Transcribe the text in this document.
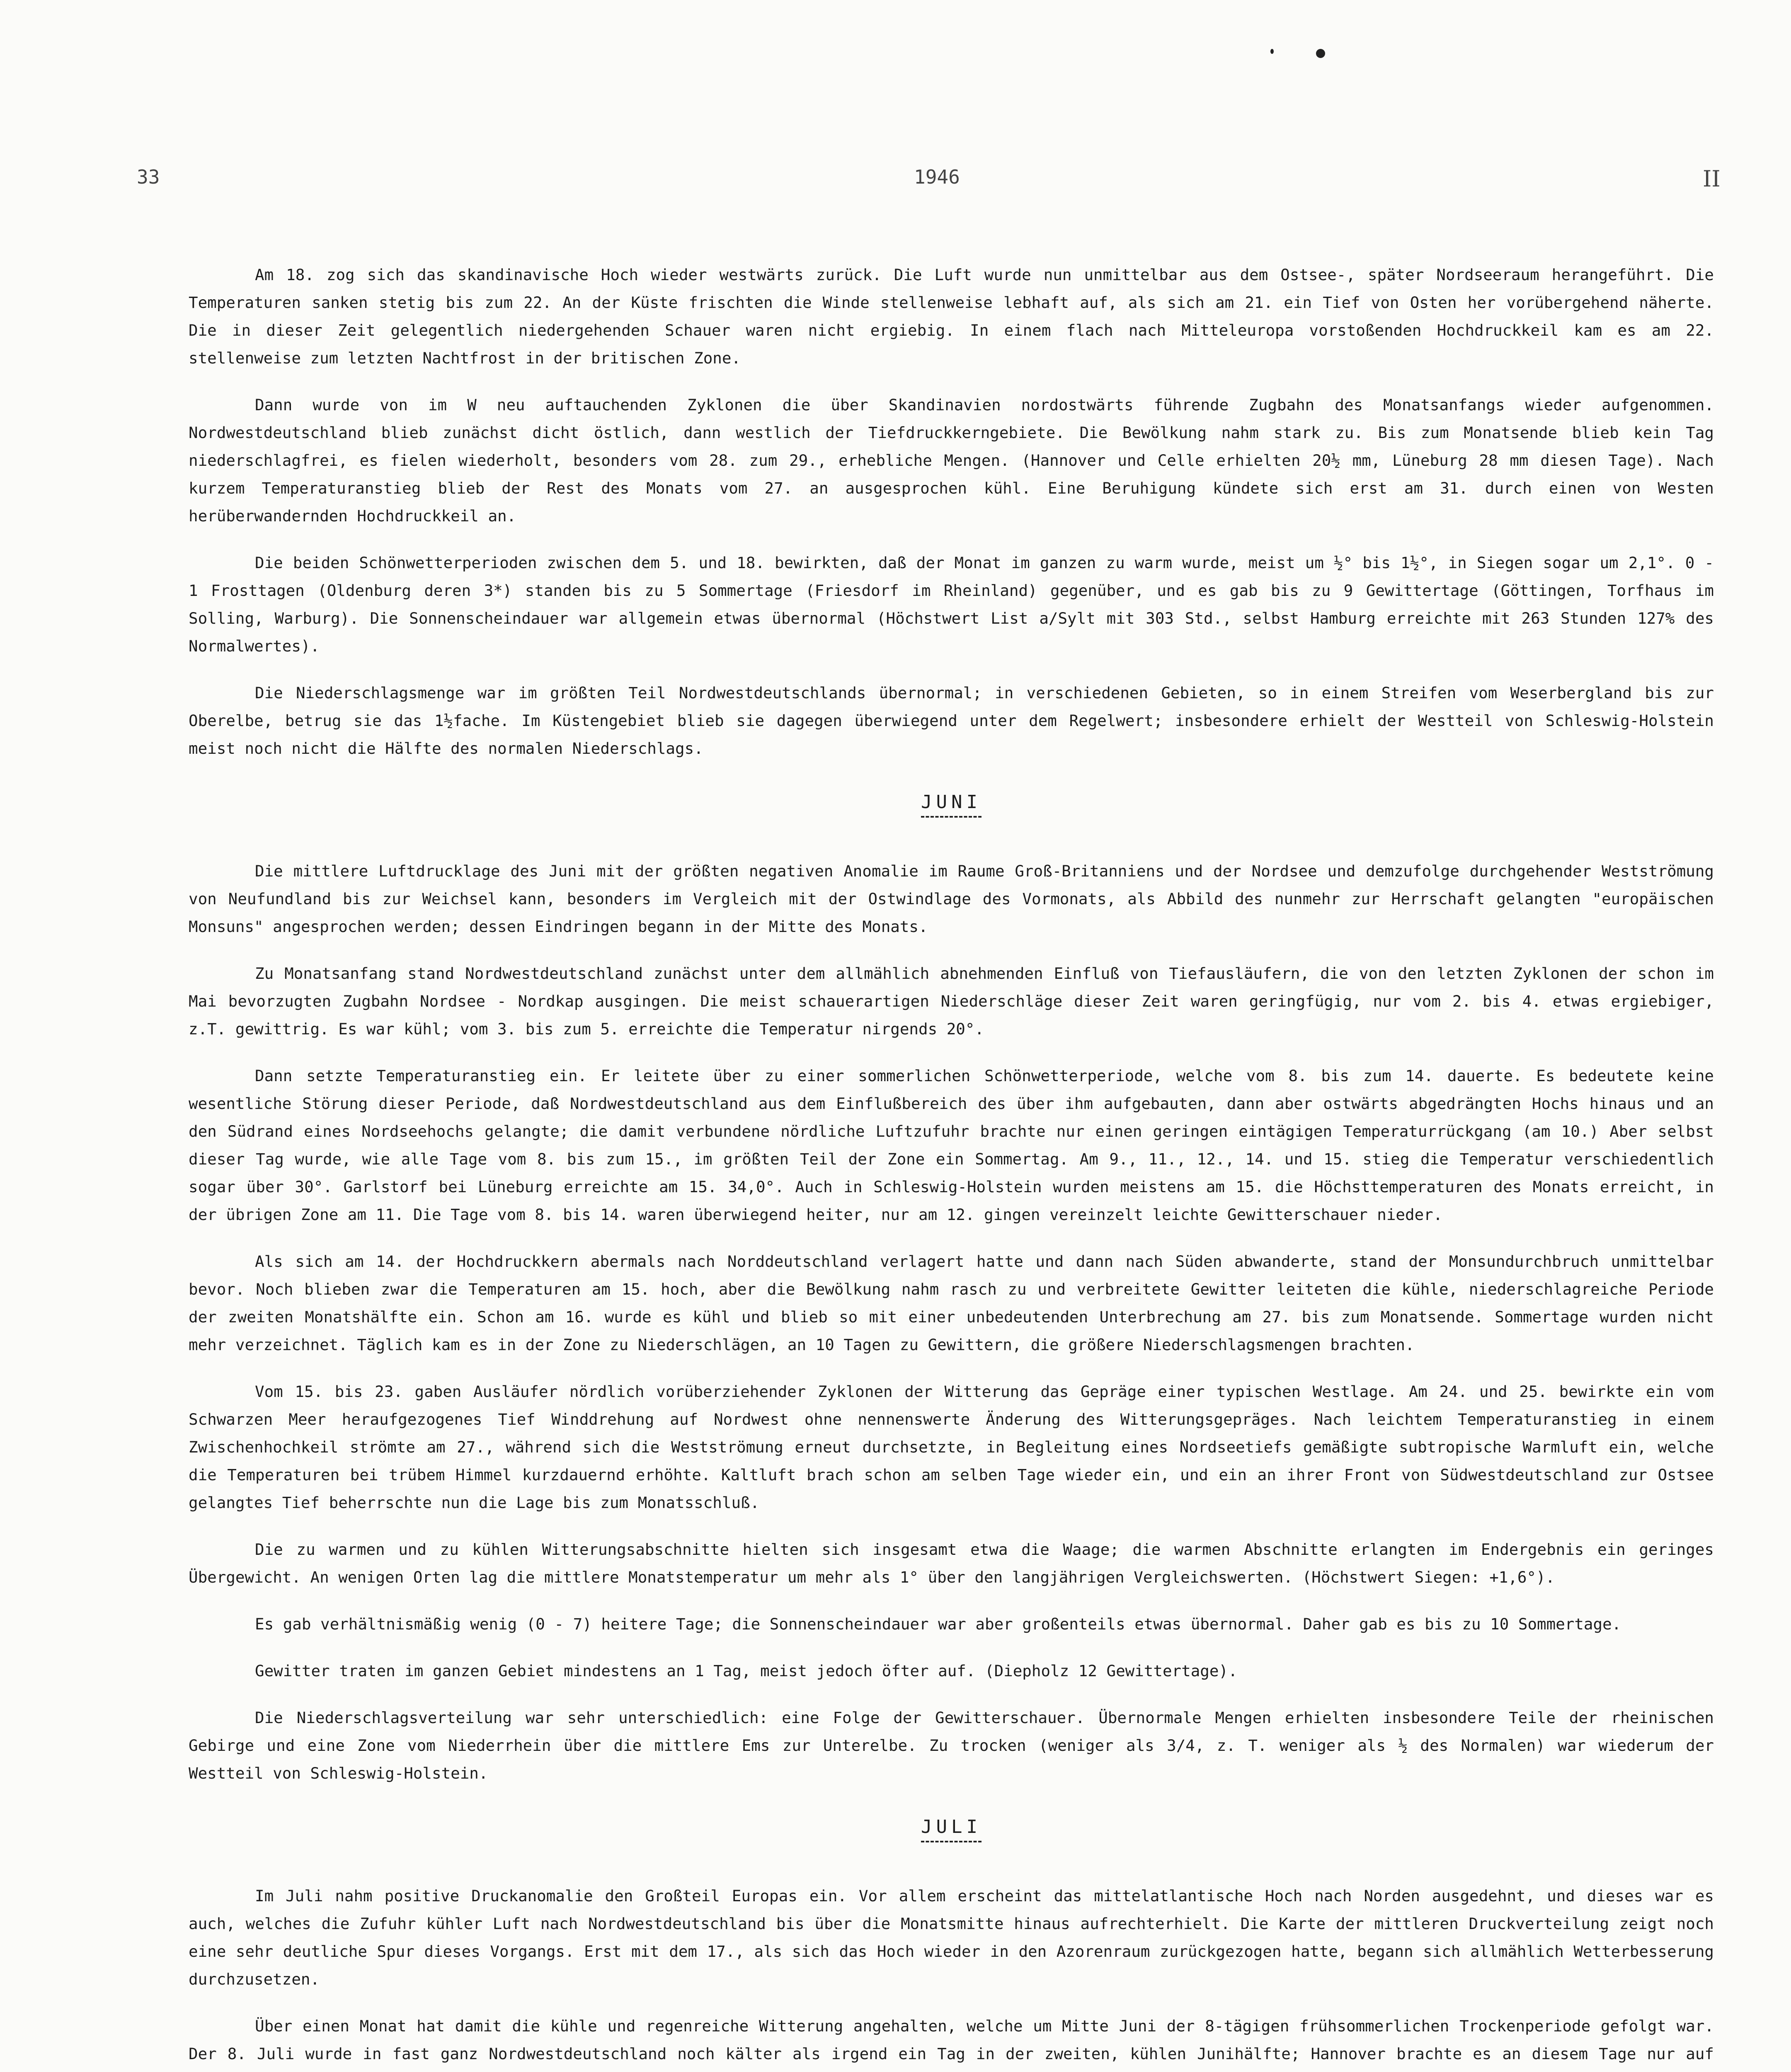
33	1946	II

Am 18. zog sich das skandinavische Hoch wieder westwärts zurück. Die Luft wurde nun unmittelbar aus dem Ostsee-, später Nordseeraum herangeführt. Die Temperaturen sanken stetig bis zum 22. An der Küste frischten die Winde stellenweise lebhaft auf, als sich am 21. ein Tief von Osten her vorübergehend näherte. Die in dieser Zeit gelegentlich niedergehenden Schauer waren nicht ergiebig. In einem flach nach Mitteleuropa vorstoßenden Hochdruckkeil kam es am 22. stellenweise zum letzten Nachtfrost in der britischen Zone.

Dann wurde von im W neu auftauchenden Zyklonen die über Skandinavien nordostwärts führende Zugbahn des Monatsanfangs wieder aufgenommen. Nordwestdeutschland blieb zunächst dicht östlich, dann westlich der Tiefdruckkerngebiete. Die Bewölkung nahm stark zu. Bis zum Monatsende blieb kein Tag niederschlagfrei, es fielen wiederholt, besonders vom 28. zum 29., erhebliche Mengen. (Hannover und Celle erhielten 20½ mm, Lüneburg 28 mm diesen Tage). Nach kurzem Temperaturanstieg blieb der Rest des Monats vom 27. an ausgesprochen kühl. Eine Beruhigung kündete sich erst am 31. durch einen von Westen herüberwandernden Hochdruckkeil an.

Die beiden Schönwetterperioden zwischen dem 5. und 18. bewirkten, daß der Monat im ganzen zu warm wurde, meist um ½° bis 1½°, in Siegen sogar um 2,1°. 0 - 1 Frosttagen (Oldenburg deren 3*) standen bis zu 5 Sommertage (Friesdorf im Rheinland) gegenüber, und es gab bis zu 9 Gewittertage (Göttingen, Torfhaus im Solling, Warburg). Die Sonnenscheindauer war allgemein etwas übernormal (Höchstwert List a/Sylt mit 303 Std., selbst Hamburg erreichte mit 263 Stunden 127% des Normalwertes).

Die Niederschlagsmenge war im größten Teil Nordwestdeutschlands übernormal; in verschiedenen Gebieten, so in einem Streifen vom Weserbergland bis zur Oberelbe, betrug sie das 1½fache. Im Küstengebiet blieb sie dagegen überwiegend unter dem Regelwert; insbesondere erhielt der Westteil von Schleswig-Holstein meist noch nicht die Hälfte des normalen Niederschlags.

JUNI

Die mittlere Luftdrucklage des Juni mit der größten negativen Anomalie im Raume Groß-Britanniens und der Nordsee und demzufolge durchgehender Westströmung von Neufundland bis zur Weichsel kann, besonders im Vergleich mit der Ostwindlage des Vormonats, als Abbild des nunmehr zur Herrschaft gelangten "europäischen Monsuns" angesprochen werden; dessen Eindringen begann in der Mitte des Monats.

Zu Monatsanfang stand Nordwestdeutschland zunächst unter dem allmählich abnehmenden Einfluß von Tiefausläufern, die von den letzten Zyklonen der schon im Mai bevorzugten Zugbahn Nordsee - Nordkap ausgingen. Die meist schauerartigen Niederschläge dieser Zeit waren geringfügig, nur vom 2. bis 4. etwas ergiebiger, z.T. gewittrig. Es war kühl; vom 3. bis zum 5. erreichte die Temperatur nirgends 20°.

Dann setzte Temperaturanstieg ein. Er leitete über zu einer sommerlichen Schönwetterperiode, welche vom 8. bis zum 14. dauerte. Es bedeutete keine wesentliche Störung dieser Periode, daß Nordwestdeutschland aus dem Einflußbereich des über ihm aufgebauten, dann aber ostwärts abgedrängten Hochs hinaus und an den Südrand eines Nordseehochs gelangte; die damit verbundene nördliche Luftzufuhr brachte nur einen geringen eintägigen Temperaturrückgang (am 10.) Aber selbst dieser Tag wurde, wie alle Tage vom 8. bis zum 15., im größten Teil der Zone ein Sommertag. Am 9., 11., 12., 14. und 15. stieg die Temperatur verschiedentlich sogar über 30°. Garlstorf bei Lüneburg erreichte am 15. 34,0°. Auch in Schleswig-Holstein wurden meistens am 15. die Höchsttemperaturen des Monats erreicht, in der übrigen Zone am 11. Die Tage vom 8. bis 14. waren überwiegend heiter, nur am 12. gingen vereinzelt leichte Gewitterschauer nieder.

Als sich am 14. der Hochdruckkern abermals nach Norddeutschland verlagert hatte und dann nach Süden abwanderte, stand der Monsundurchbruch unmittelbar bevor. Noch blieben zwar die Temperaturen am 15. hoch, aber die Bewölkung nahm rasch zu und verbreitete Gewitter leiteten die kühle, niederschlagreiche Periode der zweiten Monatshälfte ein. Schon am 16. wurde es kühl und blieb so mit einer unbedeutenden Unterbrechung am 27. bis zum Monatsende. Sommertage wurden nicht mehr verzeichnet. Täglich kam es in der Zone zu Niederschlägen, an 10 Tagen zu Gewittern, die größere Niederschlagsmengen brachten.

Vom 15. bis 23. gaben Ausläufer nördlich vorüberziehender Zyklonen der Witterung das Gepräge einer typischen Westlage. Am 24. und 25. bewirkte ein vom Schwarzen Meer heraufgezogenes Tief Winddrehung auf Nordwest ohne nennenswerte Änderung des Witterungsgepräges. Nach leichtem Temperaturanstieg in einem Zwischenhochkeil strömte am 27., während sich die Westströmung erneut durchsetzte, in Begleitung eines Nordseetiefs gemäßigte subtropische Warmluft ein, welche die Temperaturen bei trübem Himmel kurzdauernd erhöhte. Kaltluft brach schon am selben Tage wieder ein, und ein an ihrer Front von Südwestdeutschland zur Ostsee gelangtes Tief beherrschte nun die Lage bis zum Monatsschluß.

Die zu warmen und zu kühlen Witterungsabschnitte hielten sich insgesamt etwa die Waage; die warmen Abschnitte erlangten im Endergebnis ein geringes Übergewicht. An wenigen Orten lag die mittlere Monatstemperatur um mehr als 1° über den langjährigen Vergleichswerten. (Höchstwert Siegen: +1,6°).

Es gab verhältnismäßig wenig (0 - 7) heitere Tage; die Sonnenscheindauer war aber großenteils etwas übernormal. Daher gab es bis zu 10 Sommertage.

Gewitter traten im ganzen Gebiet mindestens an 1 Tag, meist jedoch öfter auf. (Diepholz 12 Gewittertage).

Die Niederschlagsverteilung war sehr unterschiedlich: eine Folge der Gewitterschauer. Übernormale Mengen erhielten insbesondere Teile der rheinischen Gebirge und eine Zone vom Niederrhein über die mittlere Ems zur Unterelbe. Zu trocken (weniger als 3/4, z. T. weniger als ½ des Normalen) war wiederum der Westteil von Schleswig-Holstein.

JULI

Im Juli nahm positive Druckanomalie den Großteil Europas ein. Vor allem erscheint das mittelatlantische Hoch nach Norden ausgedehnt, und dieses war es auch, welches die Zufuhr kühler Luft nach Nordwestdeutschland bis über die Monatsmitte hinaus aufrechterhielt. Die Karte der mittleren Druckverteilung zeigt noch eine sehr deutliche Spur dieses Vorgangs. Erst mit dem 17., als sich das Hoch wieder in den Azorenraum zurückgezogen hatte, begann sich allmählich Wetterbesserung durchzusetzen.

Über einen Monat hat damit die kühle und regenreiche Witterung angehalten, welche um Mitte Juni der 8-tägigen frühsommerlichen Trockenperiode gefolgt war. Der 8. Juli wurde in fast ganz Nordwestdeutschland noch kälter als irgend ein Tag in der zweiten, kühlen Junihälfte; Hannover brachte es an diesem Tage nur auf
